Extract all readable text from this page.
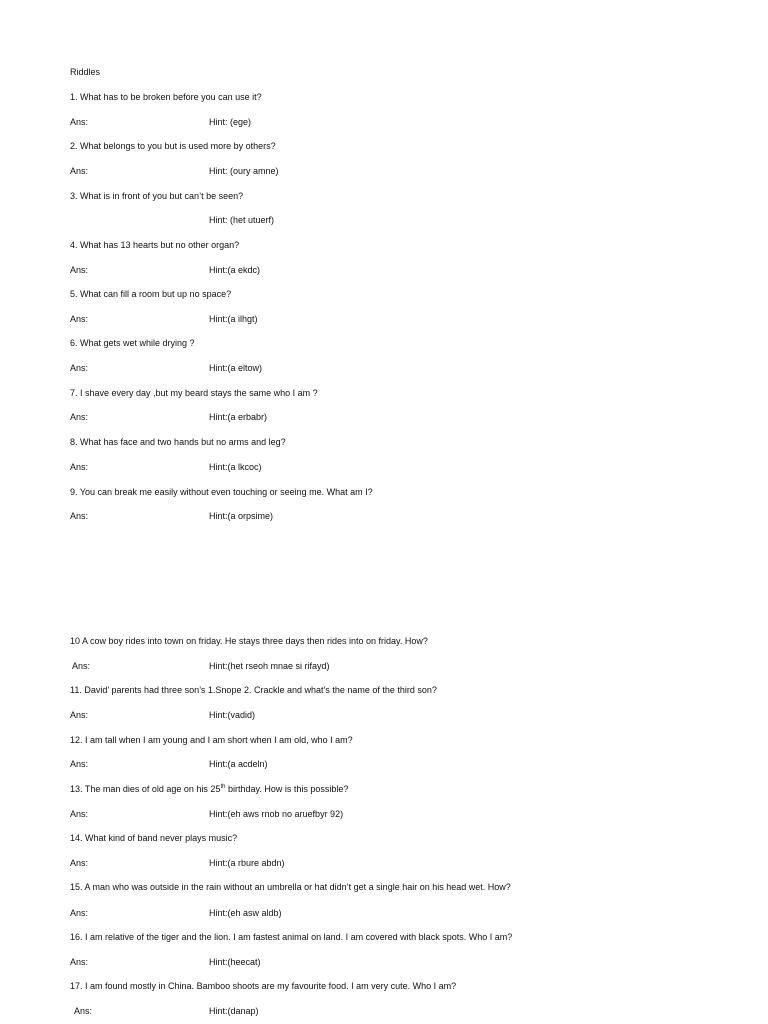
Riddles
1. What has to be broken before you can use it?
Ans:	Hint: (ege)
2. What belongs to you but is used more by others?
Ans:	Hint: (oury amne)
3. What is in front of you but can’t be seen?
Hint: (het utuerf)
4. What has 13 hearts but no other organ?
Ans:	Hint:(a ekdc)
5. What can fill a room but up no space?
Ans:	Hint:(a ilhgt)
6. What gets wet while drying ?
Ans:	Hint:(a eltow)
7. I shave every day ,but my beard stays the same who I am ?
Ans:	Hint:(a erbabr)
8. What has face and two hands but no arms and leg?
Ans:	Hint:(a lkcoc)
9. You can break me easily without even touching or seeing me. What am I?
Ans:	Hint:(a orpsime)
10 A cow boy rides into town on friday. He stays three days then rides into on friday. How?
Ans:	Hint:(het rseoh mnae si rifayd)
11. David’ parents had three son’s 1.Snope 2. Crackle and what’s the name of the third son?
Ans:	Hint:(vadid)
12. I am tall when I am young and I am short when I am old, who I am?
Ans:	Hint:(a acdeln)
13. The man dies of old age on his 25th birthday. How is this possible?
Ans:	Hint:(eh aws rnob no aruefbyr 92)
14. What kind of band never plays music?
Ans:	Hint:(a rbure abdn)
15. A man who was outside in the rain without an umbrella or hat didn’t get a single hair on his head wet. How?
Ans:	Hint:(eh asw aldb)
16. I am relative of the tiger and the lion. I am fastest animal on land. I am covered with black spots. Who I am?
Ans:	Hint:(heecat)
17. I am found mostly in China. Bamboo shoots are my favourite food. I am very cute. Who I am?
Ans:	Hint:(danap)
